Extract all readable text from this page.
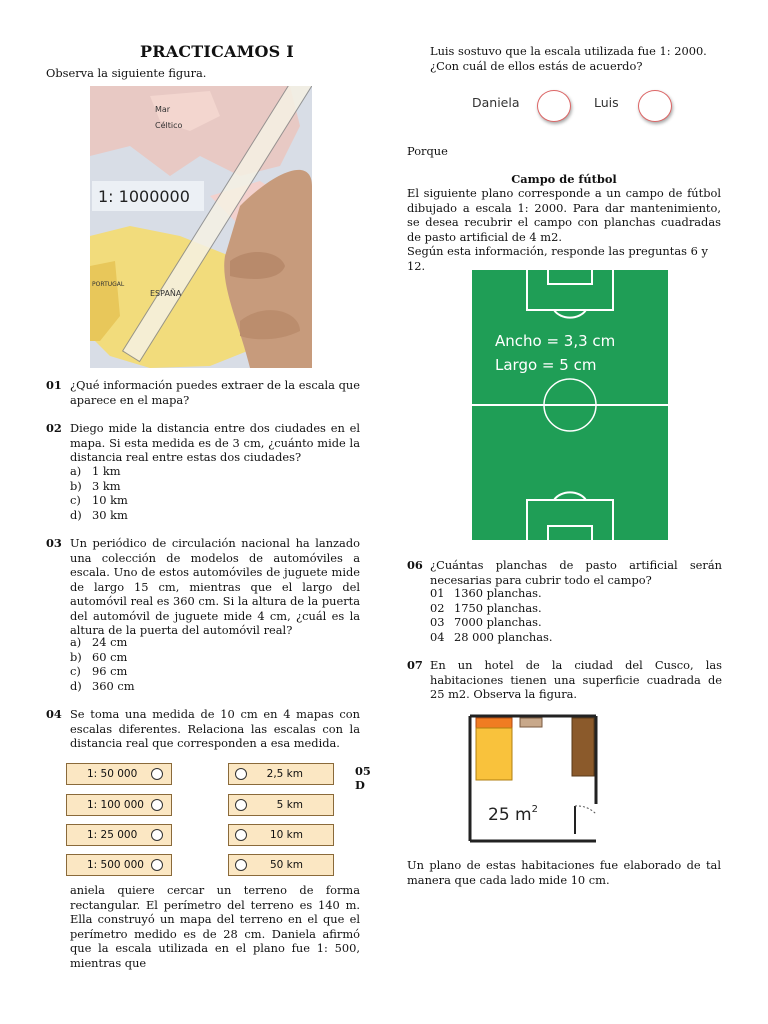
PRACTICAMOS I
Observa la siguiente figura.
Mar
Céltico
ESPAÑA
PORTUGAL
1: 1000000
01 ¿Qué información puedes extraer de la escala que aparece en el mapa?
02 Diego mide la distancia entre dos ciudades en el mapa. Si esta medida es de 3 cm, ¿cuánto mide la distancia real entre estas dos ciudades?
a) 1 km
b) 3 km
c) 10 km
d) 30 km
03 Un periódico de circulación nacional ha lanzado una colección de modelos de automóviles a escala. Uno de estos automóviles de juguete mide de largo 15 cm, mientras que el largo del automóvil real es 360 cm. Si la altura de la puerta del automóvil de juguete mide 4 cm, ¿cuál es la altura de la puerta del automóvil real?
a) 24 cm
b) 60 cm
c) 96 cm
d) 360 cm
04 Se toma una medida de 10 cm en 4 mapas con escalas diferentes. Relaciona las escalas con la distancia real que corresponden a esa medida.
1: 50 000
1: 100 000
1: 25 000
1: 500 000
2,5 km
5 km
10 km
50 km
05
D
aniela quiere cercar un terreno de forma rectangular. El perímetro del terreno es 140 m. Ella construyó un mapa del terreno en el que el perímetro medido es de 28 cm. Daniela afirmó que la escala utilizada en el plano fue 1: 500, mientras que
Luis sostuvo que la escala utilizada fue 1: 2000. ¿Con cuál de ellos estás de acuerdo?
Daniela	Luis
Porque
Campo de fútbol
El siguiente plano corresponde a un campo de fútbol dibujado a escala 1: 2000. Para dar mantenimiento, se desea recubrir el campo con planchas cuadradas de pasto artificial de 4 m2.
Según esta información, responde las preguntas 6 y 12.
Ancho = 3,3 cm
Largo = 5 cm
06 ¿Cuántas planchas de pasto artificial serán necesarias para cubrir todo el campo?
01 1360 planchas.
02 1750 planchas.
03 7000 planchas.
04 28 000 planchas.
07 En un hotel de la ciudad del Cusco, las habitaciones tienen una superficie cuadrada de 25 m2. Observa la figura.
25 $m^2$
Un plano de estas habitaciones fue elaborado de tal manera que cada lado mide 10 cm.
